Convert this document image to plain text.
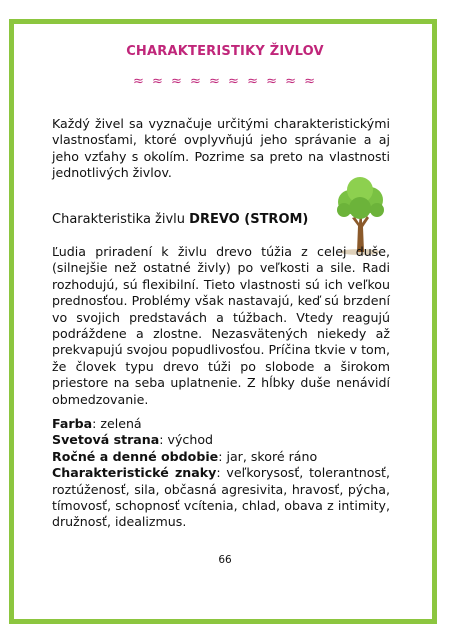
CHARAKTERISTIKY ŽIVLOV
≈ ≈ ≈ ≈ ≈ ≈ ≈ ≈ ≈ ≈
Každý živel sa vyznačuje určitými charakteristickými vlastnosťami, ktoré ovplyvňujú jeho správanie a aj jeho vzťahy s okolím. Pozrime sa preto na vlastnosti jednotlivých živlov.
Charakteristika živlu DREVO (STROM)
Ľudia priradení k živlu drevo túžia z celej duše, (silnejšie než ostatné živly) po veľkosti a sile. Radi rozhodujú, sú flexibilní. Tieto vlastnosti sú ich veľkou prednosťou. Problémy však nastavajú, keď sú brzdení vo svojich predstavách a túžbach. Vtedy reagujú podráždene a zlostne. Nezasvätených niekedy až prekvapujú svojou popudlivosťou. Príčina tkvie v tom, že človek typu drevo túži po slobode a širokom priestore na seba uplatnenie. Z hĺbky duše nenávidí obmedzovanie.
Farba: zelená
Svetová strana: východ
Ročné a denné obdobie: jar, skoré ráno
Charakteristické znaky: veľkorysosť, tolerantnosť, roztúženosť, sila, občasná agresivita, hravosť, pýcha, tímovosť, schopnosť vcítenia, chlad, obava z intimity, družnosť, idealizmus.
66
